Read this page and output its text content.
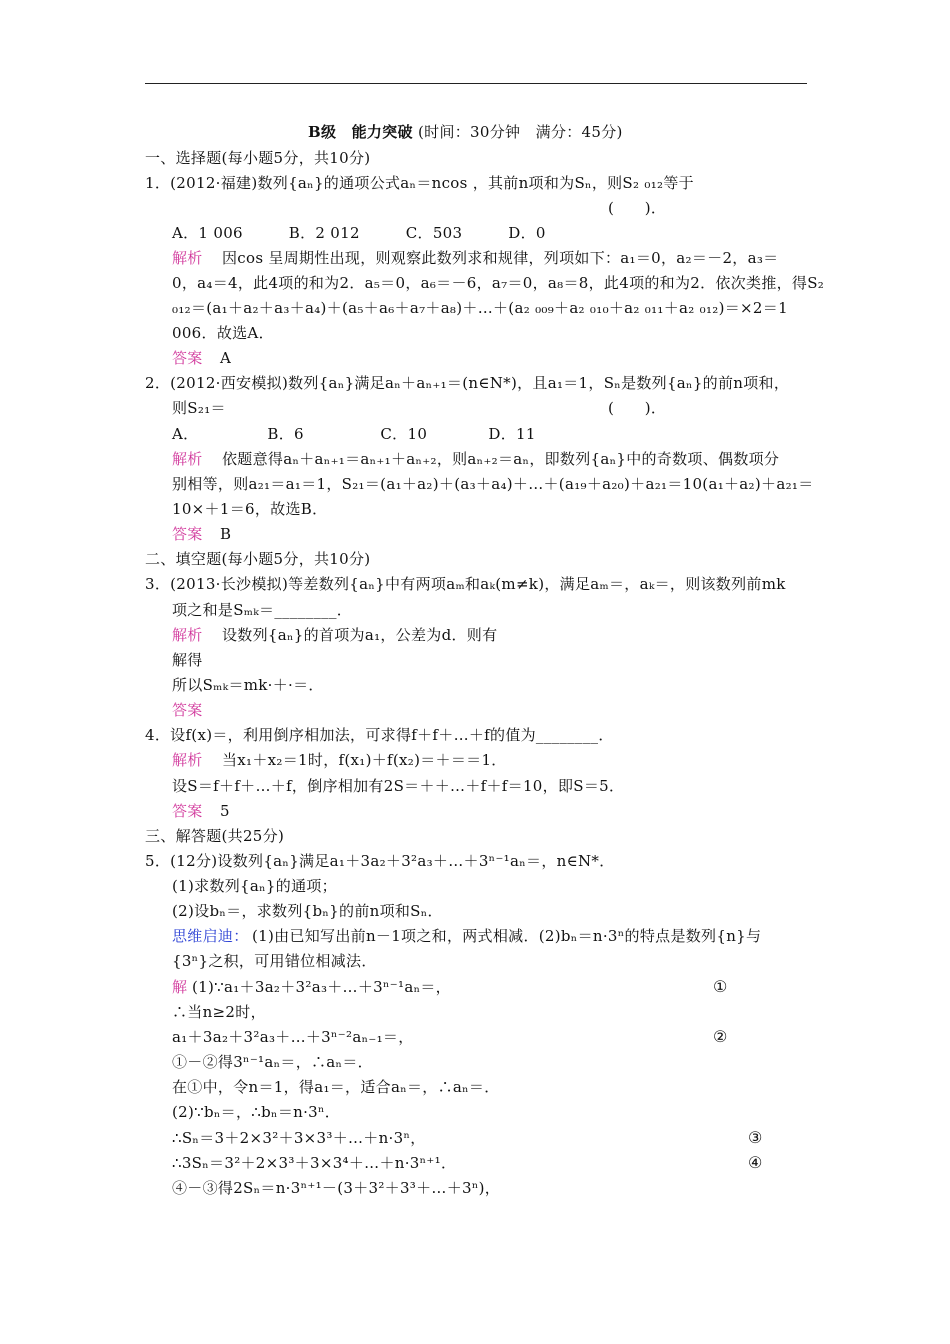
B级　能力突破 (时间：30分钟　满分：45分)
一、选择题(每小题5分，共10分)
1．(2012·福建)数列{aₙ}的通项公式aₙ＝ncos ，其前n项和为Sₙ，则S₂ ₀₁₂等于
(　　)．
A．1 006　　　B．2 012　　　C．503　　　D．0
解析 因cos 呈周期性出现，则观察此数列求和规律，列项如下：a₁＝0，a₂＝－2，a₃＝
0，a₄＝4，此4项的和为2．a₅＝0，a₆＝－6，a₇＝0，a₈＝8，此4项的和为2．依次类推，得S₂
₀₁₂＝(a₁＋a₂＋a₃＋a₄)＋(a₅＋a₆＋a₇＋a₈)＋…＋(a₂ ₀₀₉＋a₂ ₀₁₀＋a₂ ₀₁₁＋a₂ ₀₁₂)＝×2＝1
006．故选A．
答案 A
2．(2012·西安模拟)数列{aₙ}满足aₙ＋aₙ₊₁＝(n∈N*)，且a₁＝1，Sₙ是数列{aₙ}的前n项和，
则S₂₁＝	(　　)．
A．　　　　　B．6　　　　　C．10　　　　D．11
解析 依题意得aₙ＋aₙ₊₁＝aₙ₊₁＋aₙ₊₂，则aₙ₊₂＝aₙ，即数列{aₙ}中的奇数项、偶数项分
别相等，则a₂₁＝a₁＝1，S₂₁＝(a₁＋a₂)＋(a₃＋a₄)＋…＋(a₁₉＋a₂₀)＋a₂₁＝10(a₁＋a₂)＋a₂₁＝
10×＋1＝6，故选B．
答案 B
二、填空题(每小题5分，共10分)
3．(2013·长沙模拟)等差数列{aₙ}中有两项aₘ和aₖ(m≠k)，满足aₘ＝，aₖ＝，则该数列前mk
项之和是Sₘₖ＝________．
解析 设数列{aₙ}的首项为a₁，公差为d．则有
解得
所以Sₘₖ＝mk·＋·＝．
答案
4．设f(x)＝，利用倒序相加法，可求得f＋f＋…＋f的值为________．
解析 当x₁＋x₂＝1时，f(x₁)＋f(x₂)＝＋＝＝1．
设S＝f＋f＋…＋f，倒序相加有2S＝＋＋…＋f＋f＝10，即S＝5．
答案 5
三、解答题(共25分)
5．(12分)设数列{aₙ}满足a₁＋3a₂＋3²a₃＋…＋3ⁿ⁻¹aₙ＝，n∈N*．
(1)求数列{aₙ}的通项；
(2)设bₙ＝，求数列{bₙ}的前n项和Sₙ．
思维启迪： (1)由已知写出前n－1项之和，两式相减．(2)bₙ＝n·3ⁿ的特点是数列{n}与
{3ⁿ}之积，可用错位相减法．
解 (1)∵a₁＋3a₂＋3²a₃＋…＋3ⁿ⁻¹aₙ＝，
∴当n≥2时，
a₁＋3a₂＋3²a₃＋…＋3ⁿ⁻²aₙ₋₁＝，
①－②得3ⁿ⁻¹aₙ＝，∴aₙ＝．
在①中，令n＝1，得a₁＝，适合aₙ＝，∴aₙ＝．
(2)∵bₙ＝，∴bₙ＝n·3ⁿ．
∴Sₙ＝3＋2×3²＋3×3³＋…＋n·3ⁿ，
∴3Sₙ＝3²＋2×3³＋3×3⁴＋…＋n·3ⁿ⁺¹．
④－③得2Sₙ＝n·3ⁿ⁺¹－(3＋3²＋3³＋…＋3ⁿ)，
①
②
③
④
